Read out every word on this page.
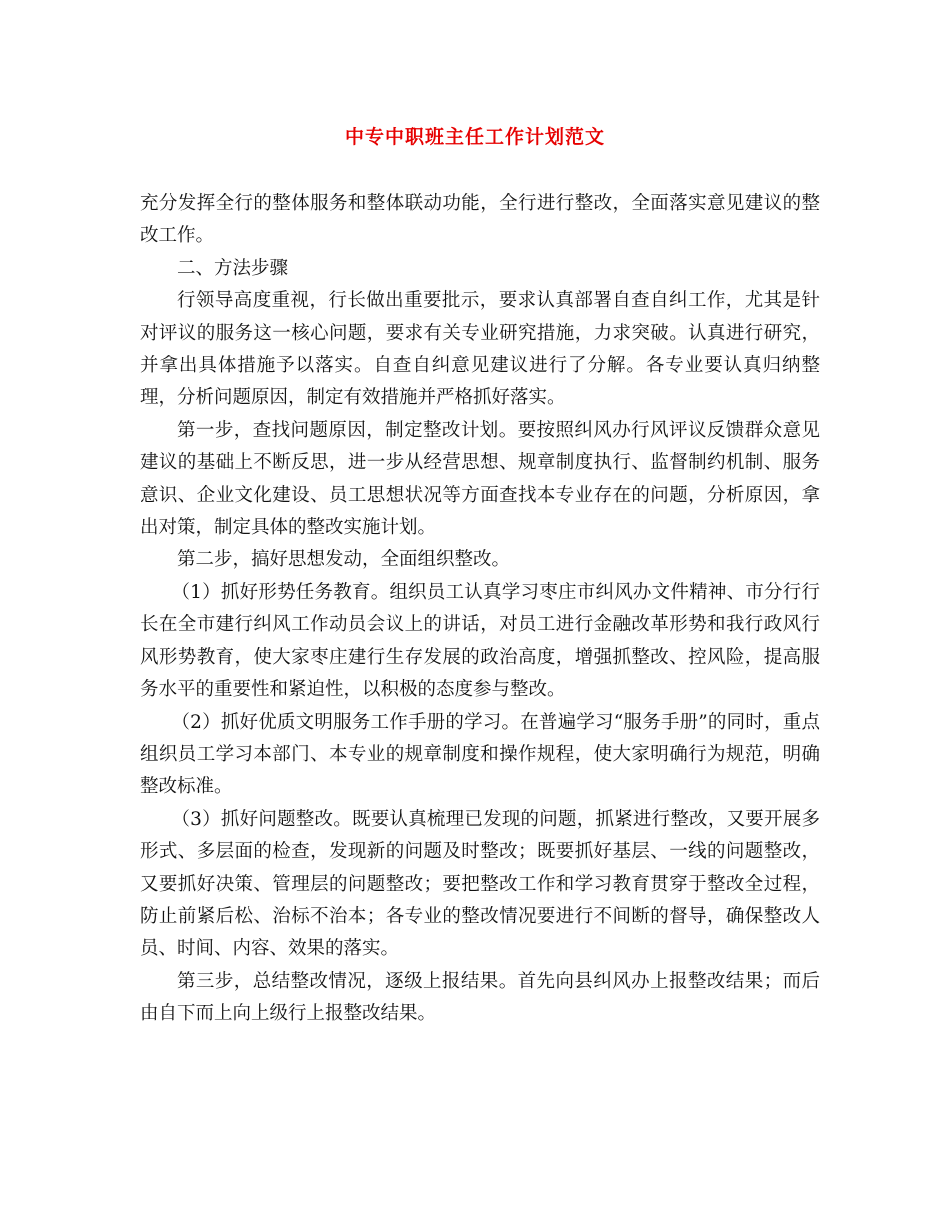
中专中职班主任工作计划范文

充分发挥全行的整体服务和整体联动功能，全行进行整改，全面落实意见建议的整改工作。

二、方法步骤

行领导高度重视，行长做出重要批示，要求认真部署自查自纠工作，尤其是针对评议的服务这一核心问题，要求有关专业研究措施，力求突破。认真进行研究，并拿出具体措施予以落实。自查自纠意见建议进行了分解。各专业要认真归纳整理，分析问题原因，制定有效措施并严格抓好落实。

第一步，查找问题原因，制定整改计划。要按照纠风办行风评议反馈群众意见建议的基础上不断反思，进一步从经营思想、规章制度执行、监督制约机制、服务意识、企业文化建设、员工思想状况等方面查找本专业存在的问题，分析原因，拿出对策，制定具体的整改实施计划。

第二步，搞好思想发动，全面组织整改。

（1）抓好形势任务教育。组织员工认真学习枣庄市纠风办文件精神、市分行行长在全市建行纠风工作动员会议上的讲话，对员工进行金融改革形势和我行政风行风形势教育，使大家枣庄建行生存发展的政治高度，增强抓整改、控风险，提高服务水平的重要性和紧迫性，以积极的态度参与整改。

（2）抓好优质文明服务工作手册的学习。在普遍学习“服务手册”的同时，重点组织员工学习本部门、本专业的规章制度和操作规程，使大家明确行为规范，明确整改标准。

（3）抓好问题整改。既要认真梳理已发现的问题，抓紧进行整改，又要开展多形式、多层面的检查，发现新的问题及时整改；既要抓好基层、一线的问题整改，又要抓好决策、管理层的问题整改；要把整改工作和学习教育贯穿于整改全过程，防止前紧后松、治标不治本；各专业的整改情况要进行不间断的督导，确保整改人员、时间、内容、效果的落实。

第三步，总结整改情况，逐级上报结果。首先向县纠风办上报整改结果；而后由自下而上向上级行上报整改结果。
